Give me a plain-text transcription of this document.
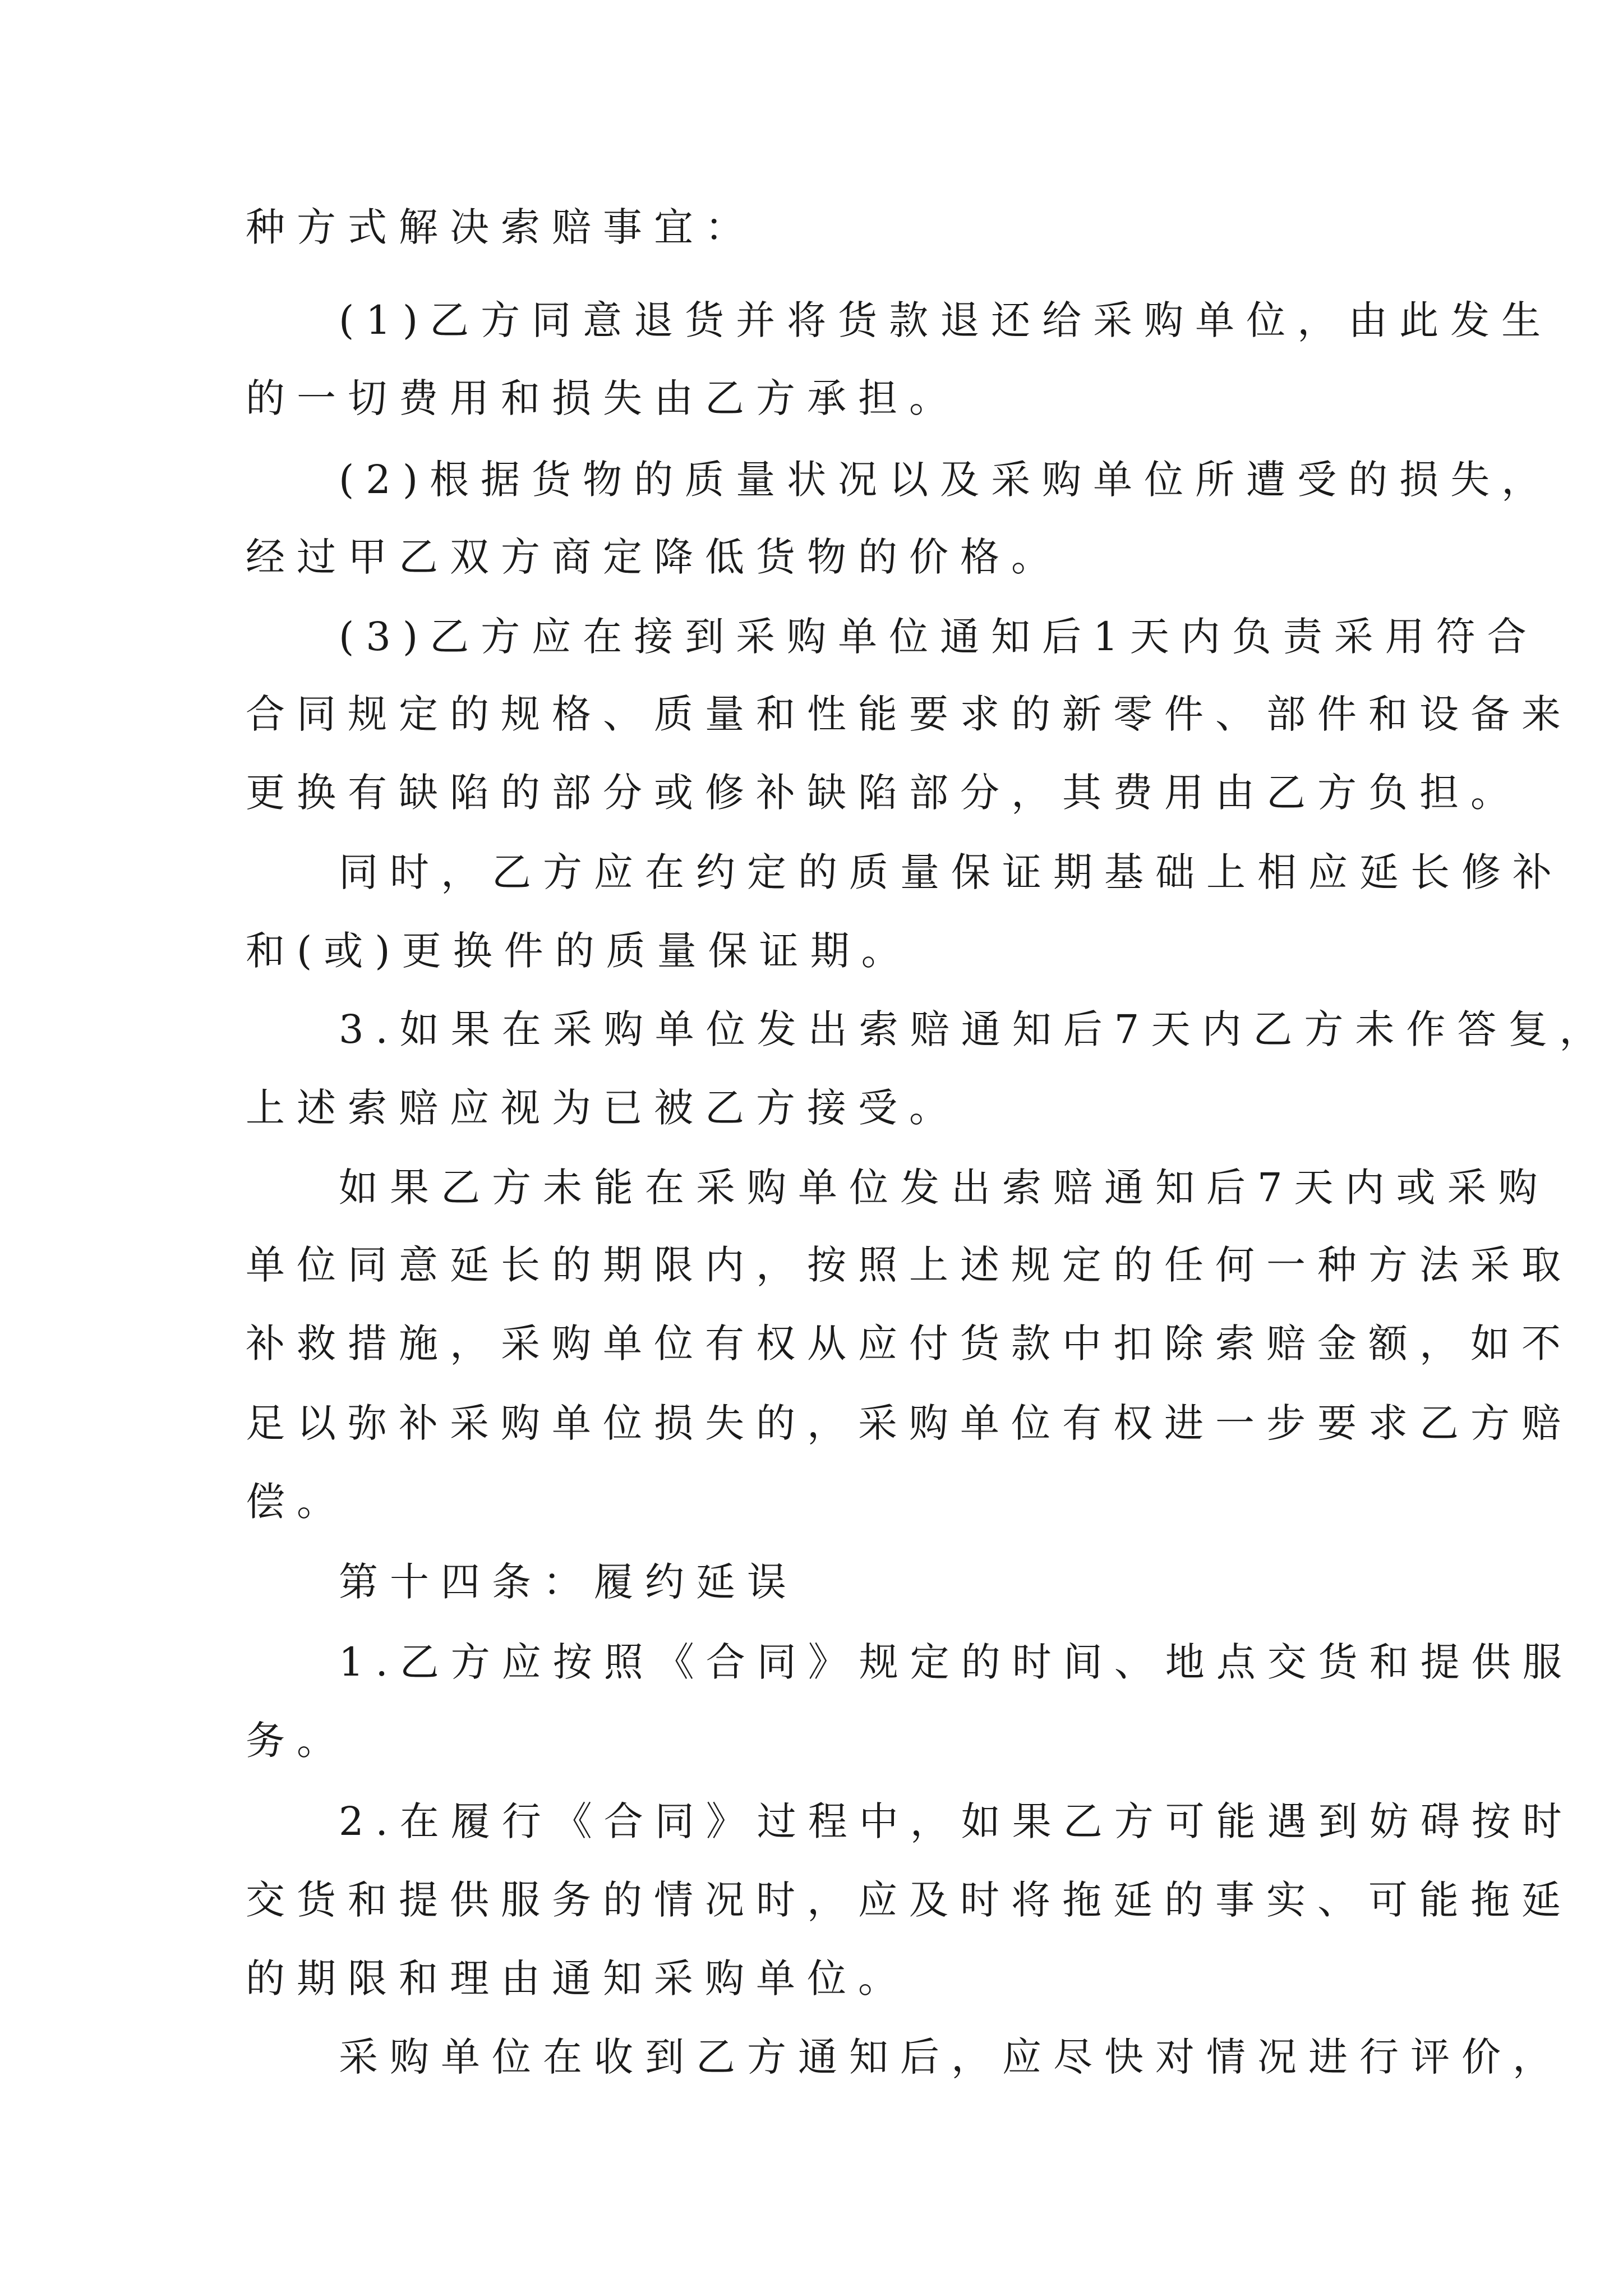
种方式解决索赔事宜：

(1)乙方同意退货并将货款退还给采购单位，由此发生

的一切费用和损失由乙方承担。

(2)根据货物的质量状况以及采购单位所遭受的损失，

经过甲乙双方商定降低货物的价格。

(3)乙方应在接到采购单位通知后1天内负责采用符合

合同规定的规格、质量和性能要求的新零件、部件和设备来

更换有缺陷的部分或修补缺陷部分，其费用由乙方负担。

同时，乙方应在约定的质量保证期基础上相应延长修补

和(或)更换件的质量保证期。

3.如果在采购单位发出索赔通知后7天内乙方未作答复，

上述索赔应视为已被乙方接受。

如果乙方未能在采购单位发出索赔通知后7天内或采购

单位同意延长的期限内，按照上述规定的任何一种方法采取

补救措施，采购单位有权从应付货款中扣除索赔金额，如不

足以弥补采购单位损失的，采购单位有权进一步要求乙方赔

偿。

第十四条：履约延误

1.乙方应按照《合同》规定的时间、地点交货和提供服

务。

2.在履行《合同》过程中，如果乙方可能遇到妨碍按时

交货和提供服务的情况时，应及时将拖延的事实、可能拖延

的期限和理由通知采购单位。

采购单位在收到乙方通知后，应尽快对情况进行评价，
